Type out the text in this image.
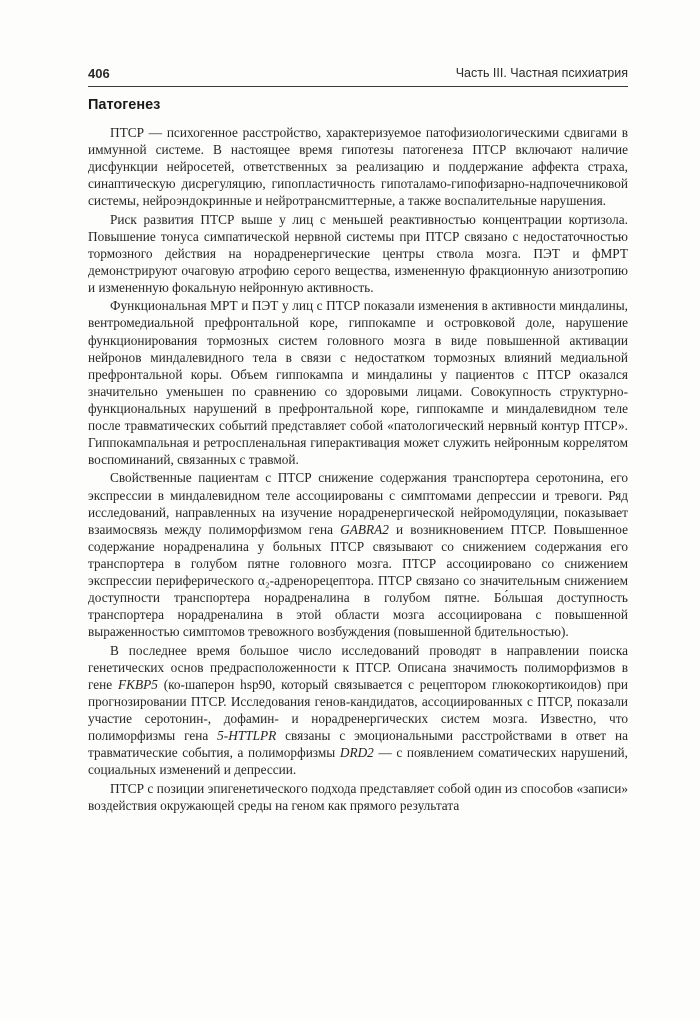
406	Часть III. Частная психиатрия
Патогенез

ПТСР — психогенное расстройство, характеризуемое патофизиологическими сдвигами в иммунной системе. В настоящее время гипотезы патогенеза ПТСР включают наличие дисфункции нейросетей, ответственных за реализацию и поддержание аффекта страха, синаптическую дисрегуляцию, гипопластичность гипоталамо-гипофизарно-надпочечниковой системы, нейроэндокринные и нейротрансмиттерные, а также воспалительные нарушения.

Риск развития ПТСР выше у лиц с меньшей реактивностью концентрации кортизола. Повышение тонуса симпатической нервной системы при ПТСР связано с недостаточностью тормозного действия на норадренергические центры ствола мозга. ПЭТ и фМРТ демонстрируют очаговую атрофию серого вещества, измененную фракционную анизотропию и измененную фокальную нейронную активность.

Функциональная МРТ и ПЭТ у лиц с ПТСР показали изменения в активности миндалины, вентромедиальной префронтальной коре, гиппокампе и островковой доле, нарушение функционирования тормозных систем головного мозга в виде повышенной активации нейронов миндалевидного тела в связи с недостатком тормозных влияний медиальной префронтальной коры. Объем гиппокампа и миндалины у пациентов с ПТСР оказался значительно уменьшен по сравнению со здоровыми лицами. Совокупность структурно-функциональных нарушений в префронтальной коре, гиппокампе и миндалевидном теле после травматических событий представляет собой «патологический нервный контур ПТСР». Гиппокампальная и ретроспленальная гиперактивация может служить нейронным коррелятом воспоминаний, связанных с травмой.

Свойственные пациентам с ПТСР снижение содержания транспортера серотонина, его экспрессии в миндалевидном теле ассоциированы с симптомами депрессии и тревоги. Ряд исследований, направленных на изучение норадренергической нейромодуляции, показывает взаимосвязь между полиморфизмом гена GABRA2 и возникновением ПТСР. Повышенное содержание норадреналина у больных ПТСР связывают со снижением содержания его транспортера в голубом пятне головного мозга. ПТСР ассоциировано со снижением экспрессии периферического α₂-адренорецептора. ПТСР связано со значительным снижением доступности транспортера норадреналина в голубом пятне. Бо́льшая доступность транспортера норадреналина в этой области мозга ассоциирована с повышенной выраженностью симптомов тревожного возбуждения (повышенной бдительностью).

В последнее время большое число исследований проводят в направлении поиска генетических основ предрасположенности к ПТСР. Описана значимость полиморфизмов в гене FKBP5 (ко-шаперон hsp90, который связывается с рецептором глюкокортикоидов) при прогнозировании ПТСР. Исследования генов-кандидатов, ассоциированных с ПТСР, показали участие серотонин-, дофамин- и норадренергических систем мозга. Известно, что полиморфизмы гена 5-HTTLPR связаны с эмоциональными расстройствами в ответ на травматические события, а полиморфизмы DRD2 — с появлением соматических нарушений, социальных изменений и депрессии.

ПТСР с позиции эпигенетического подхода представляет собой один из способов «записи» воздействия окружающей среды на геном как прямого результата
